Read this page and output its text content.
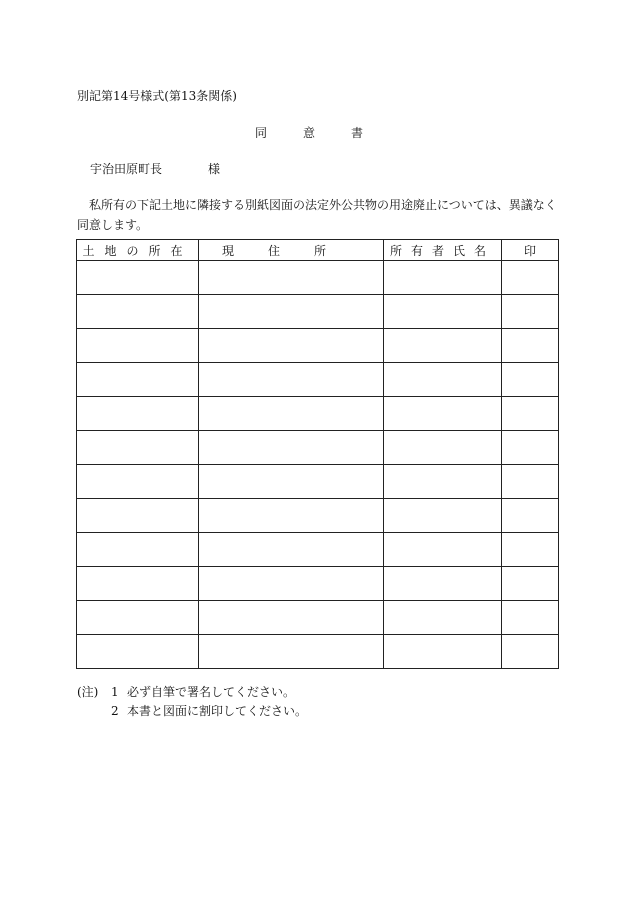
別記第14号様式(第13条関係)
同　意　書
宇治田原町長	様
私所有の下記土地に隣接する別紙図面の法定外公共物の用途廃止については、異議なく
同意します。
土地の所在	現住所	所有者氏名	印

(注) 1 必ず自筆で署名してください。
2 本書と図面に割印してください。
